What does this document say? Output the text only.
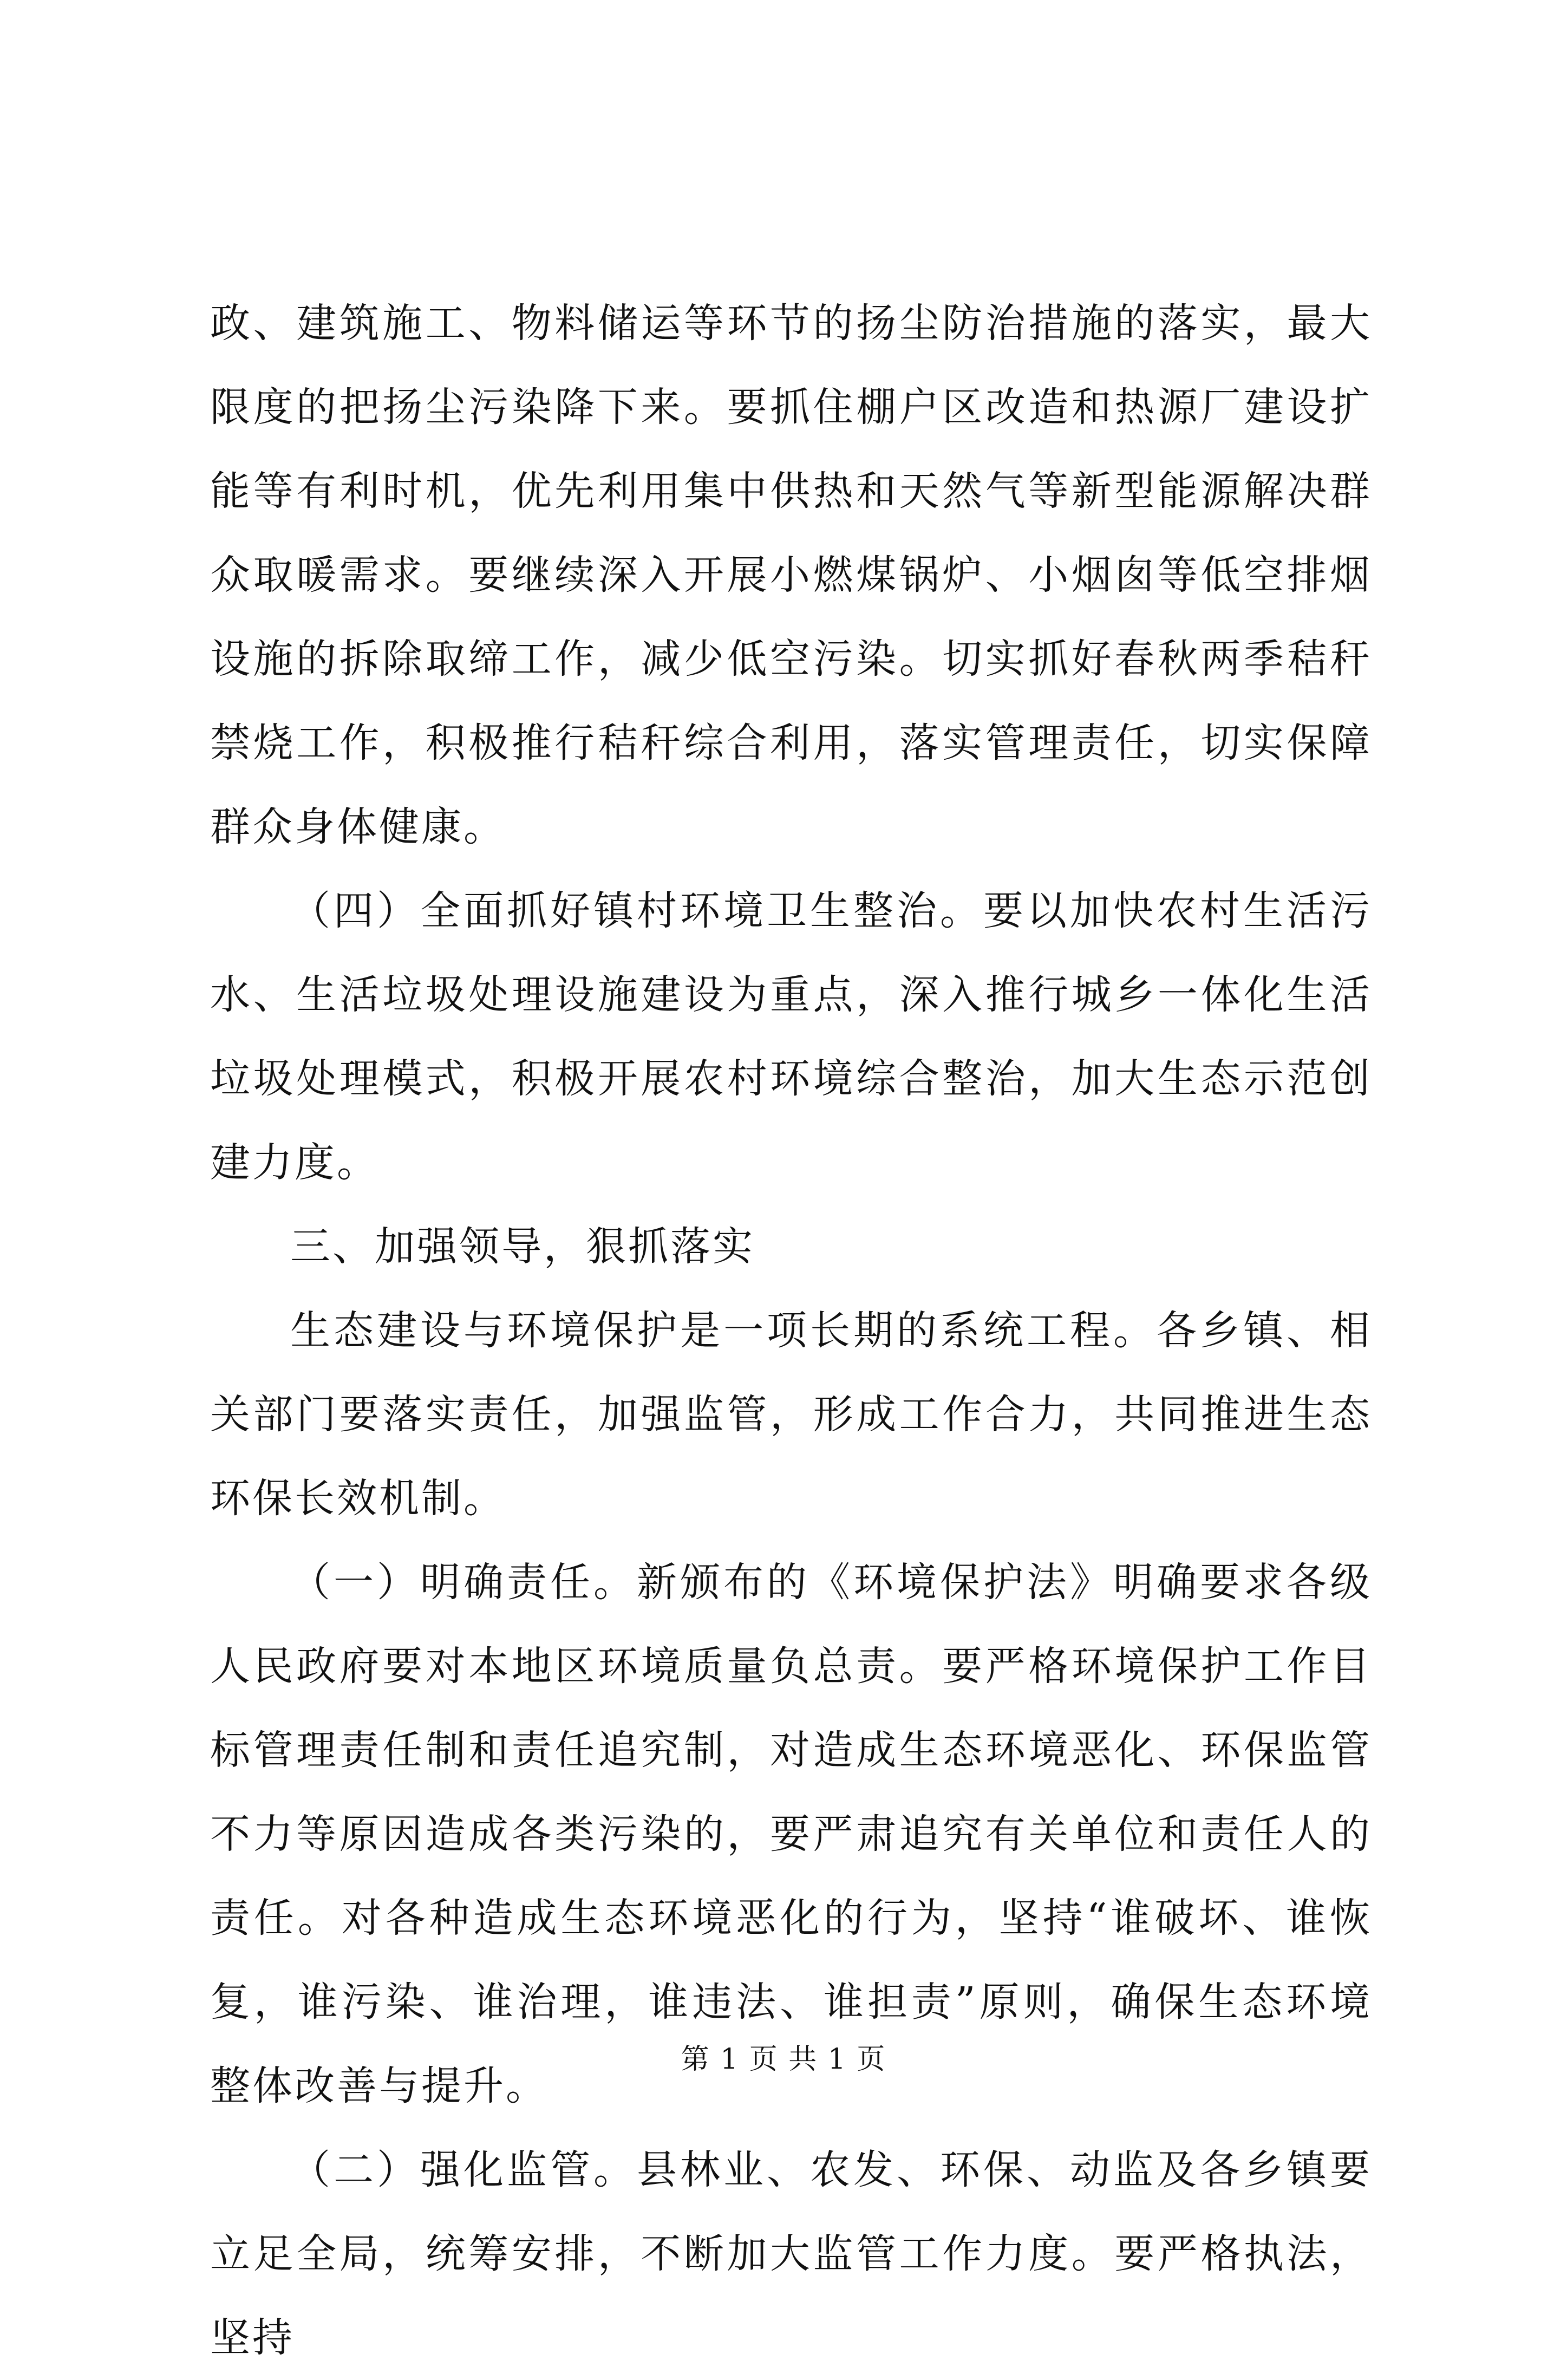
政、建筑施工、物料储运等环节的扬尘防治措施的落实，最大限度的把扬尘污染降下来。要抓住棚户区改造和热源厂建设扩能等有利时机，优先利用集中供热和天然气等新型能源解决群众取暖需求。要继续深入开展小燃煤锅炉、小烟囱等低空排烟设施的拆除取缔工作，减少低空污染。切实抓好春秋两季秸秆禁烧工作，积极推行秸秆综合利用，落实管理责任，切实保障群众身体健康。

（四）全面抓好镇村环境卫生整治。要以加快农村生活污水、生活垃圾处理设施建设为重点，深入推行城乡一体化生活垃圾处理模式，积极开展农村环境综合整治，加大生态示范创建力度。

三、加强领导，狠抓落实

生态建设与环境保护是一项长期的系统工程。各乡镇、相关部门要落实责任，加强监管，形成工作合力，共同推进生态环保长效机制。

（一）明确责任。新颁布的《环境保护法》明确要求各级人民政府要对本地区环境质量负总责。要严格环境保护工作目标管理责任制和责任追究制，对造成生态环境恶化、环保监管不力等原因造成各类污染的，要严肃追究有关单位和责任人的责任。对各种造成生态环境恶化的行为，坚持“谁破坏、谁恢复，谁污染、谁治理，谁违法、谁担责”原则，确保生态环境整体改善与提升。

（二）强化监管。县林业、农发、环保、动监及各乡镇要立足全局，统筹安排，不断加大监管工作力度。要严格执法，坚持

第 1 页 共 1 页
